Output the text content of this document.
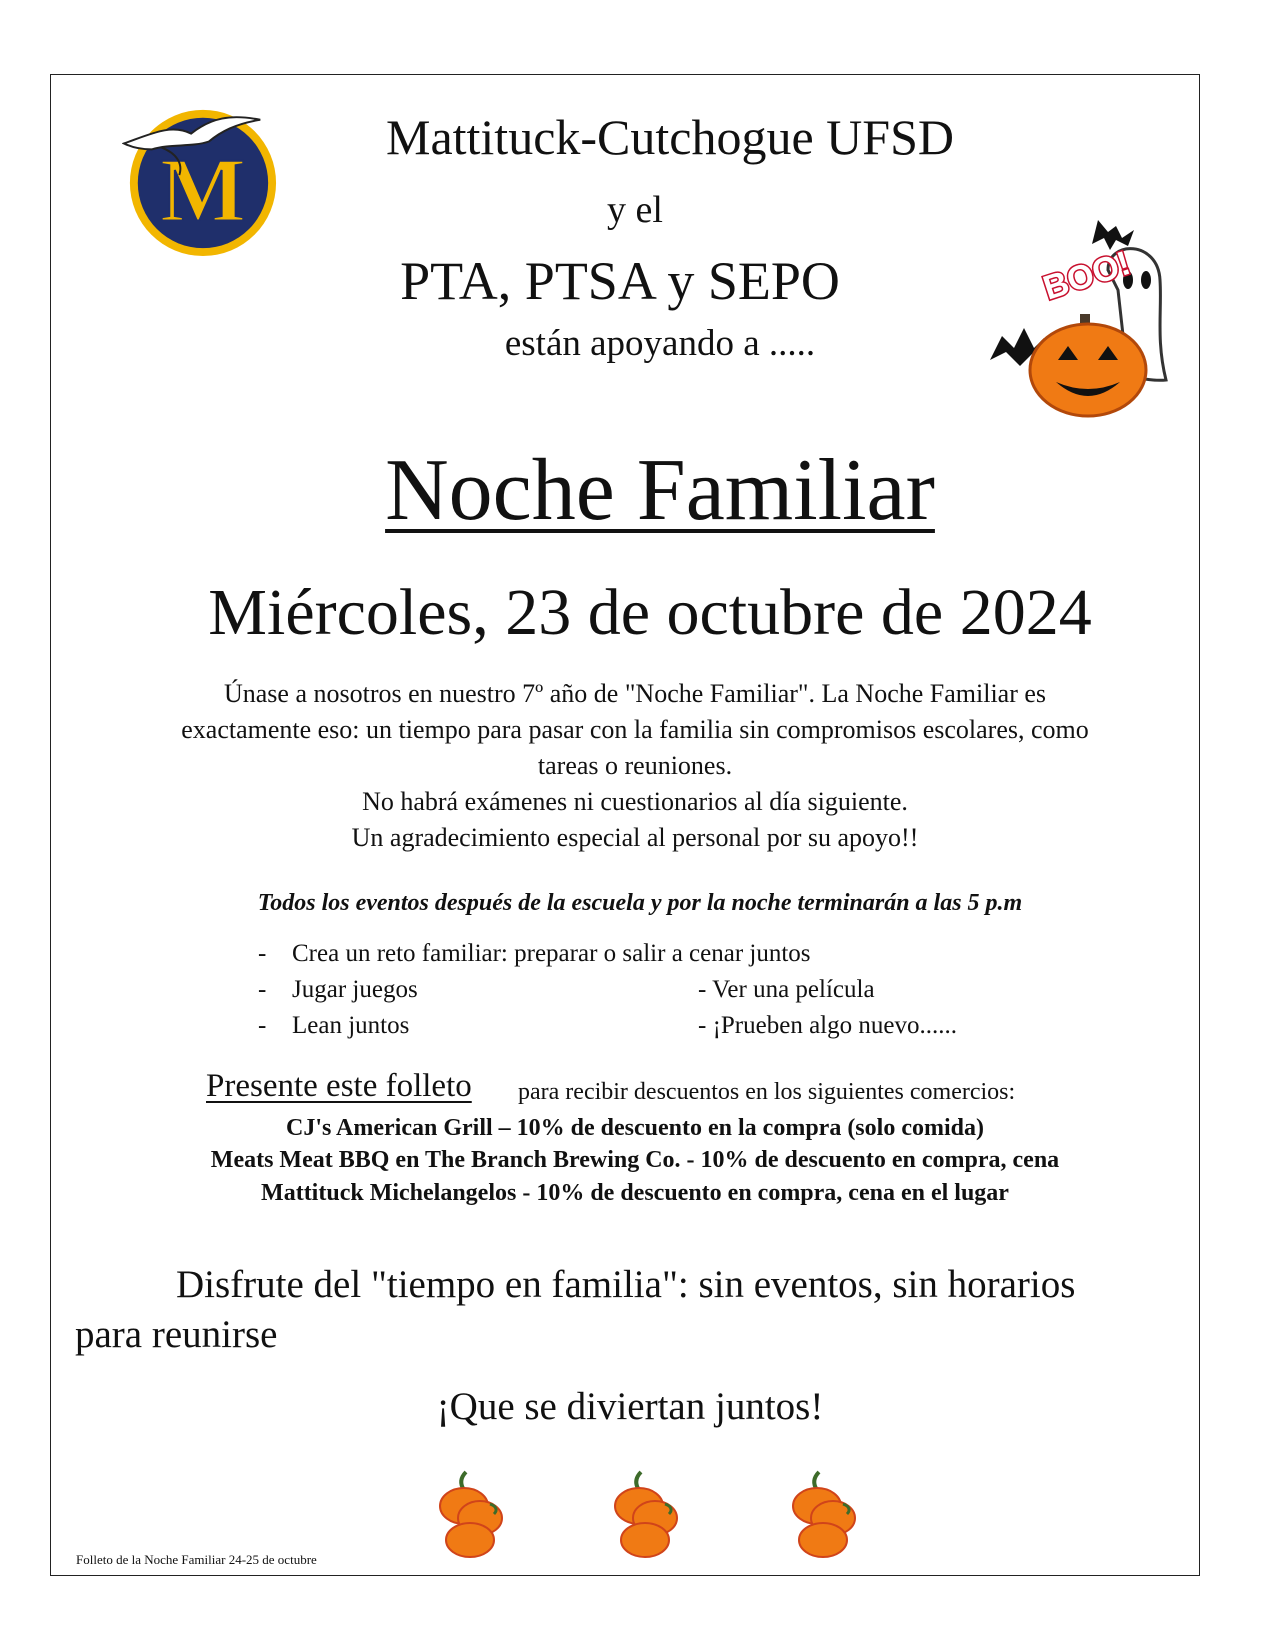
M
Mattituck-Cutchogue UFSD
y el
PTA, PTSA y SEPO
están apoyando a .....
BOO!
Noche Familiar
Miércoles, 23 de octubre de 2024
Únase a nosotros en nuestro 7º año de "Noche Familiar". La Noche Familiar es
exactamente eso: un tiempo para pasar con la familia sin compromisos escolares, como
tareas o reuniones.
No habrá exámenes ni cuestionarios al día siguiente.
Un agradecimiento especial al personal por su apoyo!!
Todos los eventos después de la escuela y por la noche terminarán a las 5 p.m
- Crea un reto familiar: preparar o salir a cenar juntos
- Jugar juegos	- Ver una película
- Lean juntos	- ¡Prueben algo nuevo......
Presente este folleto para recibir descuentos en los siguientes comercios:
CJ's American Grill – 10% de descuento en la compra (solo comida)
Meats Meat BBQ en The Branch Brewing Co. - 10% de descuento en compra, cena
Mattituck Michelangelos - 10% de descuento en compra, cena en el lugar
Disfrute del "tiempo en familia": sin eventos, sin horarios
para reunirse
¡Que se diviertan juntos!
Folleto de la Noche Familiar 24-25 de octubre
